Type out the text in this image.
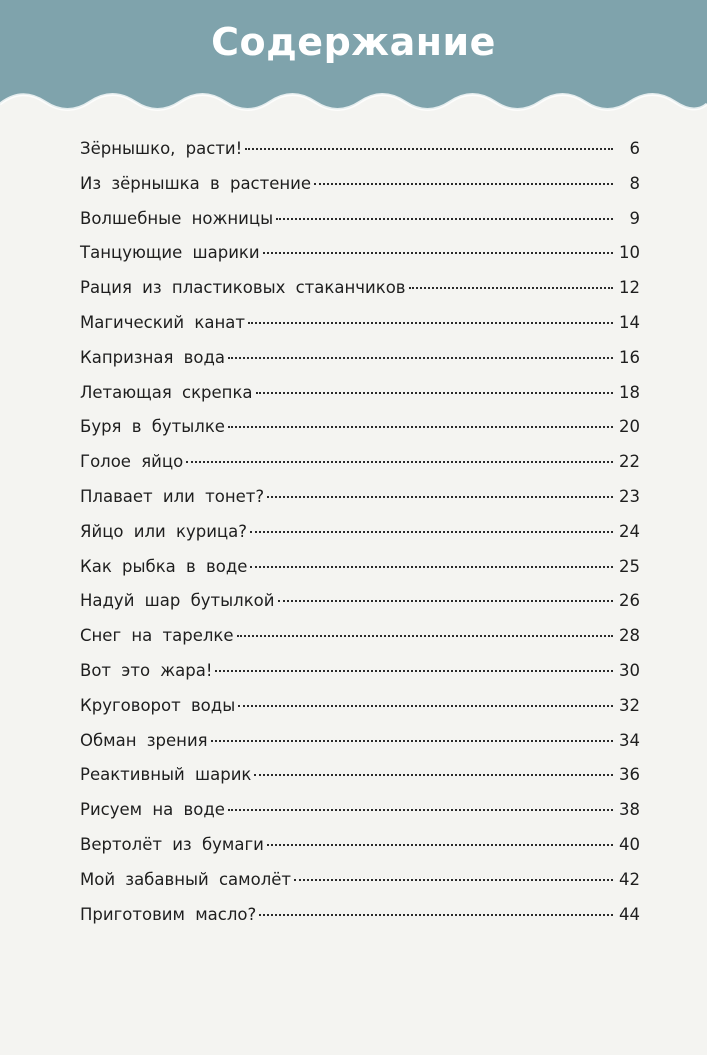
Содержание
Зёрнышко, расти!	6
Из зёрнышка в растение	8
Волшебные ножницы	9
Танцующие шарики	10
Рация из пластиковых стаканчиков	12
Магический канат	14
Капризная вода	16
Летающая скрепка	18
Буря в бутылке	20
Голое яйцо	22
Плавает или тонет?	23
Яйцо или курица?	24
Как рыбка в воде	25
Надуй шар бутылкой	26
Снег на тарелке	28
Вот это жара!	30
Круговорот воды	32
Обман зрения	34
Реактивный шарик	36
Рисуем на воде	38
Вертолёт из бумаги	40
Мой забавный самолёт	42
Приготовим масло?	44
